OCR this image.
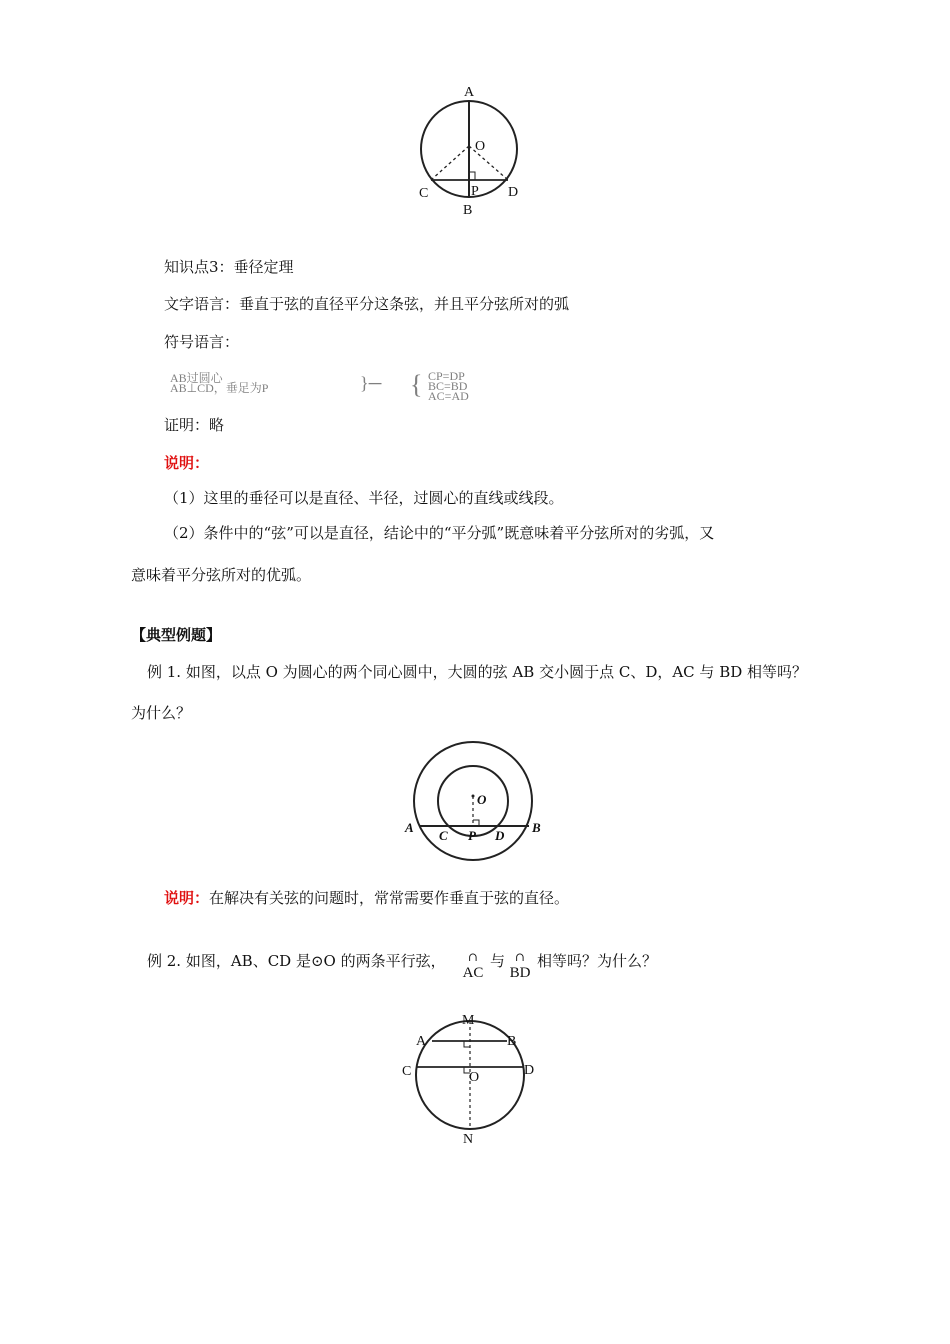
A
O
C	P D
B
知识点3：垂径定理
文字语言：垂直于弦的直径平分这条弦，并且平分弦所对的弧
符号语言：
AB过圆心
AB⊥CD，垂足为P	}─ { CP=DP
BC=BD
AC=AD
证明：略
说明：
（1）这里的垂径可以是直径、半径，过圆心的直线或线段。
（2）条件中的“弦”可以是直径，结论中的“平分弧”既意味着平分弦所对的劣弧，又
意味着平分弦所对的优弧。
【典型例题】
例 1. 如图，以点 O 为圆心的两个同心圆中，大圆的弦 AB 交小圆于点 C、D，AC 与 BD 相等吗？
为什么？
O
A
C P D
B
说明：在解决有关弦的问题时，常常需要作垂直于弦的直径。
例 2. 如图，AB、CD 是⊙O 的两条平行弦，	∩
AC
与 ∩
BD
相等吗？为什么？
M
A	B
C	O	D
N
